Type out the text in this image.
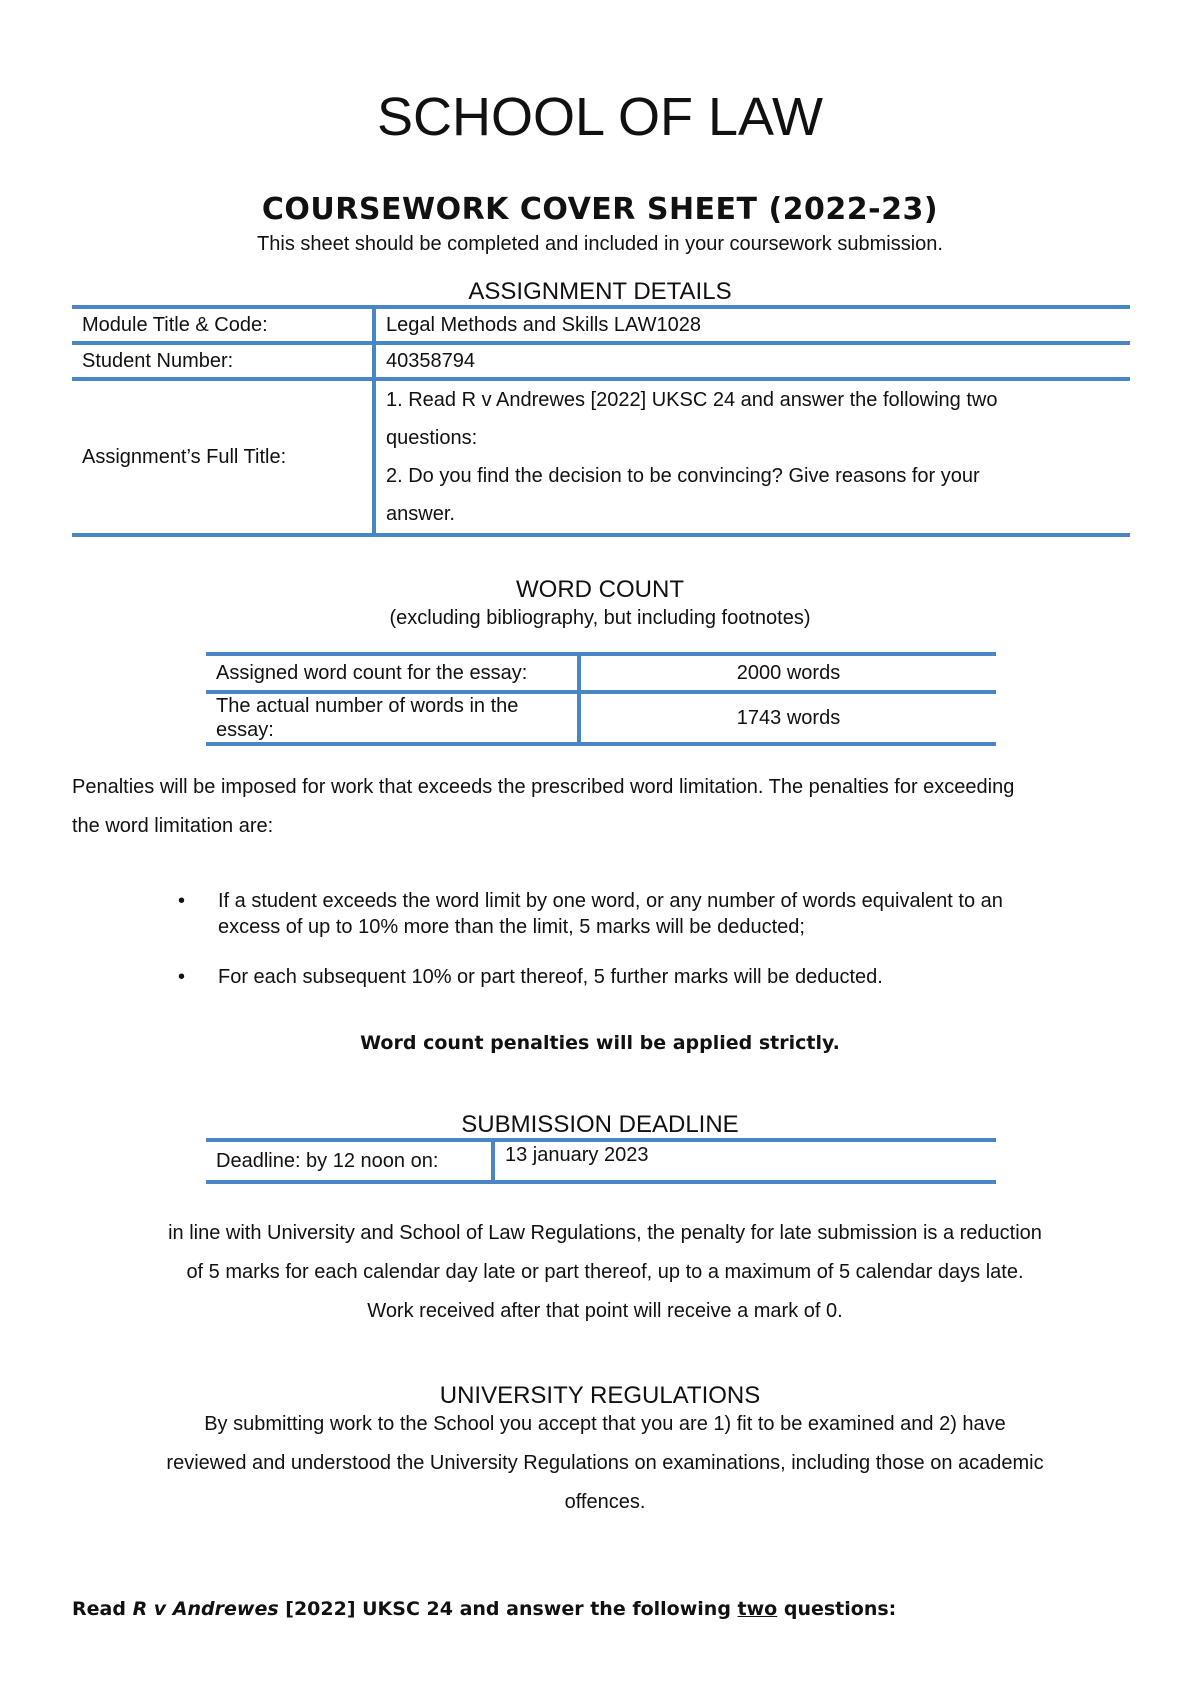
SCHOOL OF LAW
COURSEWORK COVER SHEET (2022-23)
This sheet should be completed and included in your coursework submission.
ASSIGNMENT DETAILS
Module Title & Code:	Legal Methods and Skills LAW1028
Student Number:	40358794
Assignment’s Full Title:	1. Read R v Andrewes [2022] UKSC 24 and answer the following two
questions:
2. Do you find the decision to be convincing? Give reasons for your
answer.
WORD COUNT
(excluding bibliography, but including footnotes)
Assigned word count for the essay:	2000 words

The actual number of words in the
essay:	1743 words
Penalties will be imposed for work that exceeds the prescribed word limitation. The penalties for exceeding
the word limitation are:
• If a student exceeds the word limit by one word, or any number of words equivalent to an
excess of up to 10% more than the limit, 5 marks will be deducted;
• For each subsequent 10% or part thereof, 5 further marks will be deducted.
Word count penalties will be applied strictly.
SUBMISSION DEADLINE
Deadline: by 12 noon on:	13 january 2023
in line with University and School of Law Regulations, the penalty for late submission is a reduction
of 5 marks for each calendar day late or part thereof, up to a maximum of 5 calendar days late.
Work received after that point will receive a mark of 0.
UNIVERSITY REGULATIONS
By submitting work to the School you accept that you are 1) fit to be examined and 2) have
reviewed and understood the University Regulations on examinations, including those on academic
offences.
Read R v Andrewes [2022] UKSC 24 and answer the following two questions:
